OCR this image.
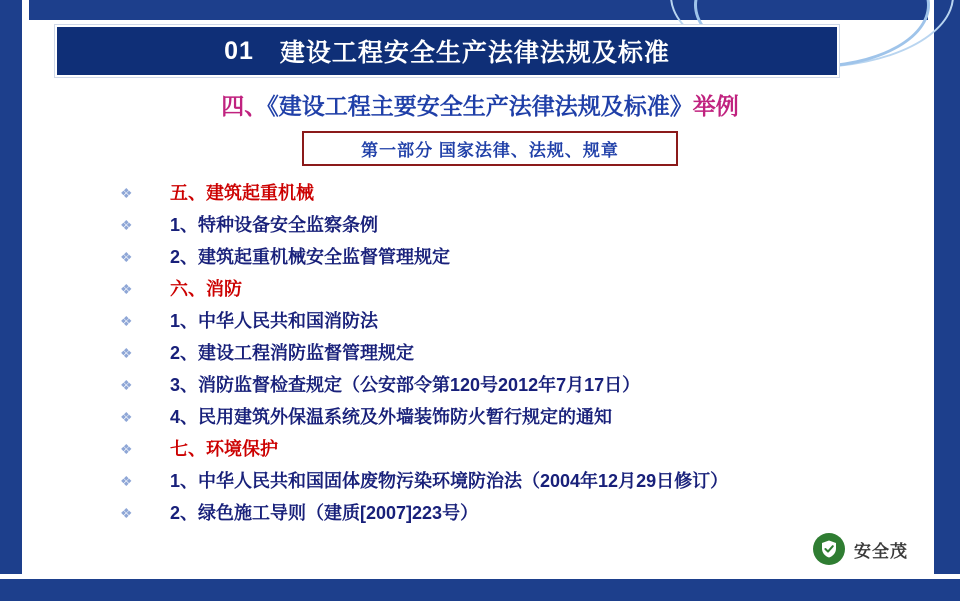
01 建设工程安全生产法律法规及标准
四、《建设工程主要安全生产法律法规及标准》举例
第一部分 国家法律、法规、规章
❖	五、建筑起重机械
❖	1、特种设备安全监察条例
❖	2、建筑起重机械安全监督管理规定
❖	六、消防
❖	1、中华人民共和国消防法
❖	2、建设工程消防监督管理规定
❖	3、消防监督检查规定（公安部令第120号2012年7月17日）
❖	4、民用建筑外保温系统及外墙装饰防火暂行规定的通知
❖	七、环境保护
❖	1、中华人民共和国固体废物污染环境防治法（2004年12月29日修订）
❖	2、绿色施工导则（建质[2007]223号）
安全茂
